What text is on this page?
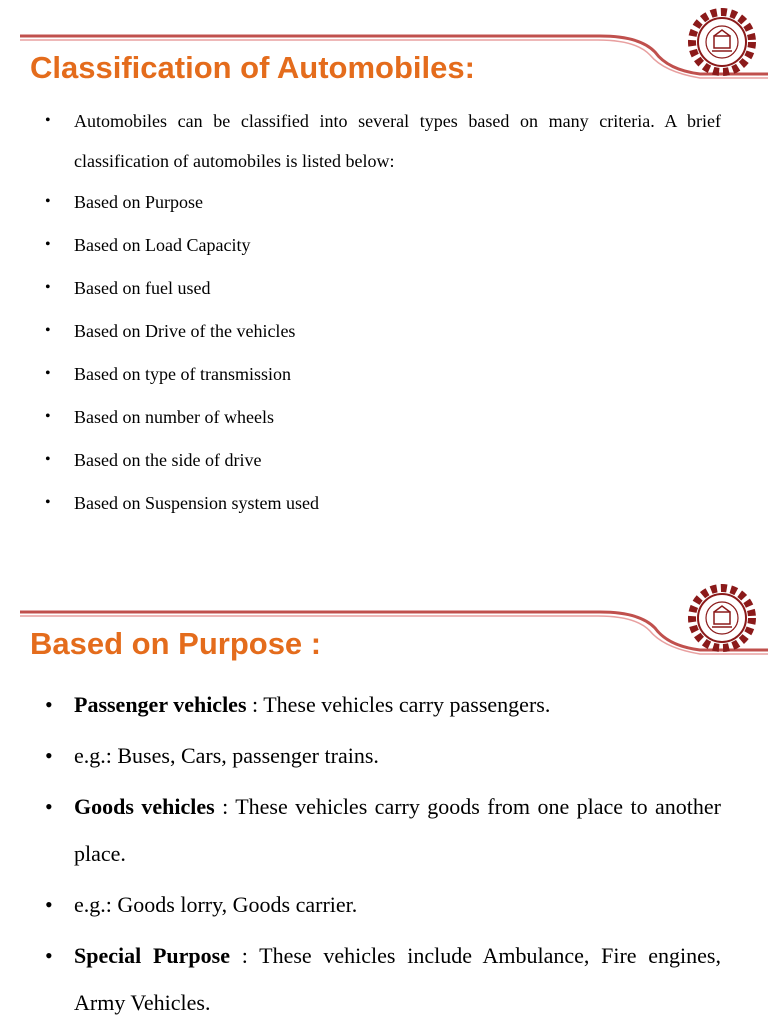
Classification of Automobiles:
• Automobiles can be classified into several types based on many criteria. A brief classification of automobiles is listed below:
• Based on Purpose
• Based on Load Capacity
• Based on fuel used
• Based on Drive of the vehicles
• Based on type of transmission
• Based on number of wheels
• Based on the side of drive
• Based on Suspension system used
Based on Purpose :
• Passenger vehicles : These vehicles carry passengers.
• e.g.: Buses, Cars, passenger trains.
• Goods vehicles : These vehicles carry goods from one place to another place.
• e.g.: Goods lorry, Goods carrier.
• Special Purpose : These vehicles include Ambulance, Fire engines, Army Vehicles.
